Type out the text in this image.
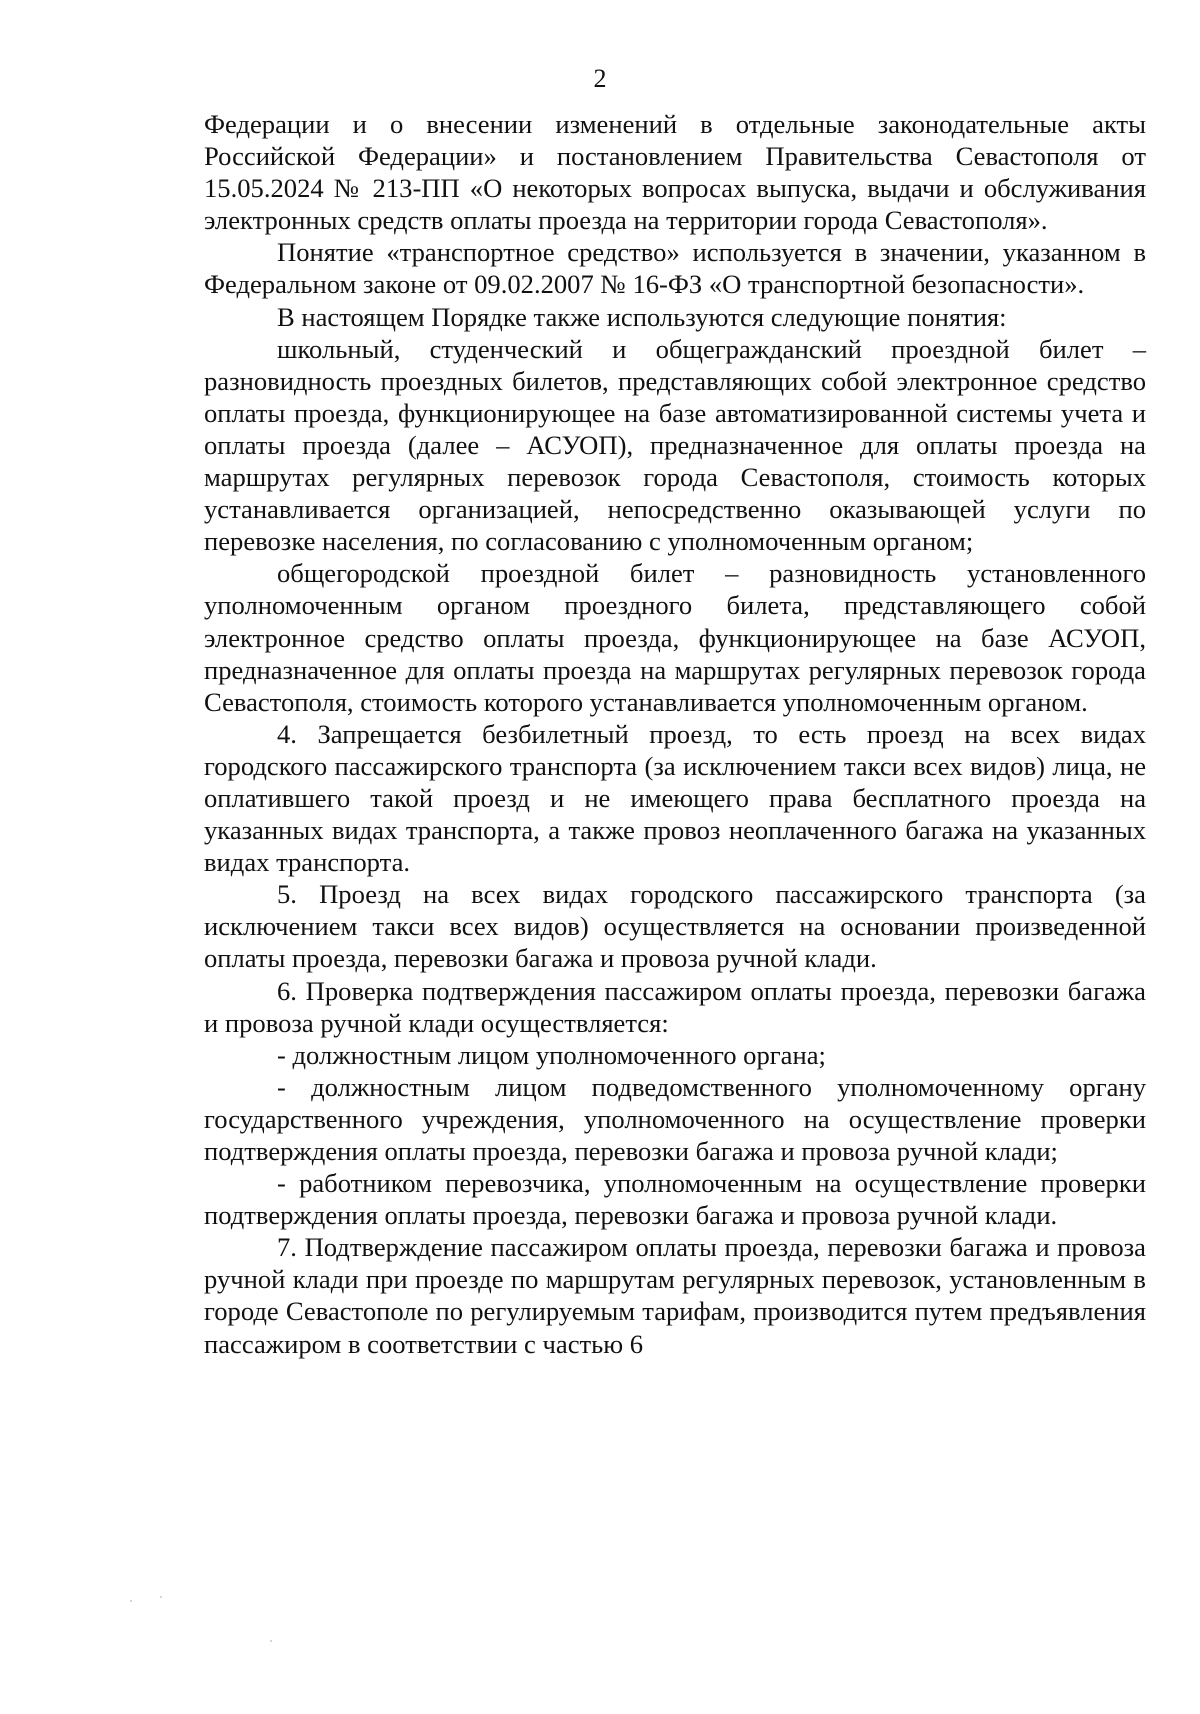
2

Федерации и о внесении изменений в отдельные законодательные акты Российской Федерации» и постановлением Правительства Севастополя от 15.05.2024 № 213-ПП «О некоторых вопросах выпуска, выдачи и обслуживания электронных средств оплаты проезда на территории города Севастополя».

Понятие «транспортное средство» используется в значении, указанном в Федеральном законе от 09.02.2007 № 16-ФЗ «О транспортной безопасности».

В настоящем Порядке также используются следующие понятия:

школьный, студенческий и общегражданский проездной билет – разновидность проездных билетов, представляющих собой электронное средство оплаты проезда, функционирующее на базе автоматизированной системы учета и оплаты проезда (далее – АСУОП), предназначенное для оплаты проезда на маршрутах регулярных перевозок города Севастополя, стоимость которых устанавливается организацией, непосредственно оказывающей услуги по перевозке населения, по согласованию с уполномоченным органом;

общегородской проездной билет – разновидность установленного уполномоченным органом проездного билета, представляющего собой электронное средство оплаты проезда, функционирующее на базе АСУОП, предназначенное для оплаты проезда на маршрутах регулярных перевозок города Севастополя, стоимость которого устанавливается уполномоченным органом.

4. Запрещается безбилетный проезд, то есть проезд на всех видах городского пассажирского транспорта (за исключением такси всех видов) лица, не оплатившего такой проезд и не имеющего права бесплатного проезда на указанных видах транспорта, а также провоз неоплаченного багажа на указанных видах транспорта.

5. Проезд на всех видах городского пассажирского транспорта (за исключением такси всех видов) осуществляется на основании произведенной оплаты проезда, перевозки багажа и провоза ручной клади.

6. Проверка подтверждения пассажиром оплаты проезда, перевозки багажа и провоза ручной клади осуществляется:

- должностным лицом уполномоченного органа;

- должностным лицом подведомственного уполномоченному органу государственного учреждения, уполномоченного на осуществление проверки подтверждения оплаты проезда, перевозки багажа и провоза ручной клади;

- работником перевозчика, уполномоченным на осуществление проверки подтверждения оплаты проезда, перевозки багажа и провоза ручной клади.

7. Подтверждение пассажиром оплаты проезда, перевозки багажа и провоза ручной клади при проезде по маршрутам регулярных перевозок, установленным в городе Севастополе по регулируемым тарифам, производится путем предъявления пассажиром в соответствии с частью 6
